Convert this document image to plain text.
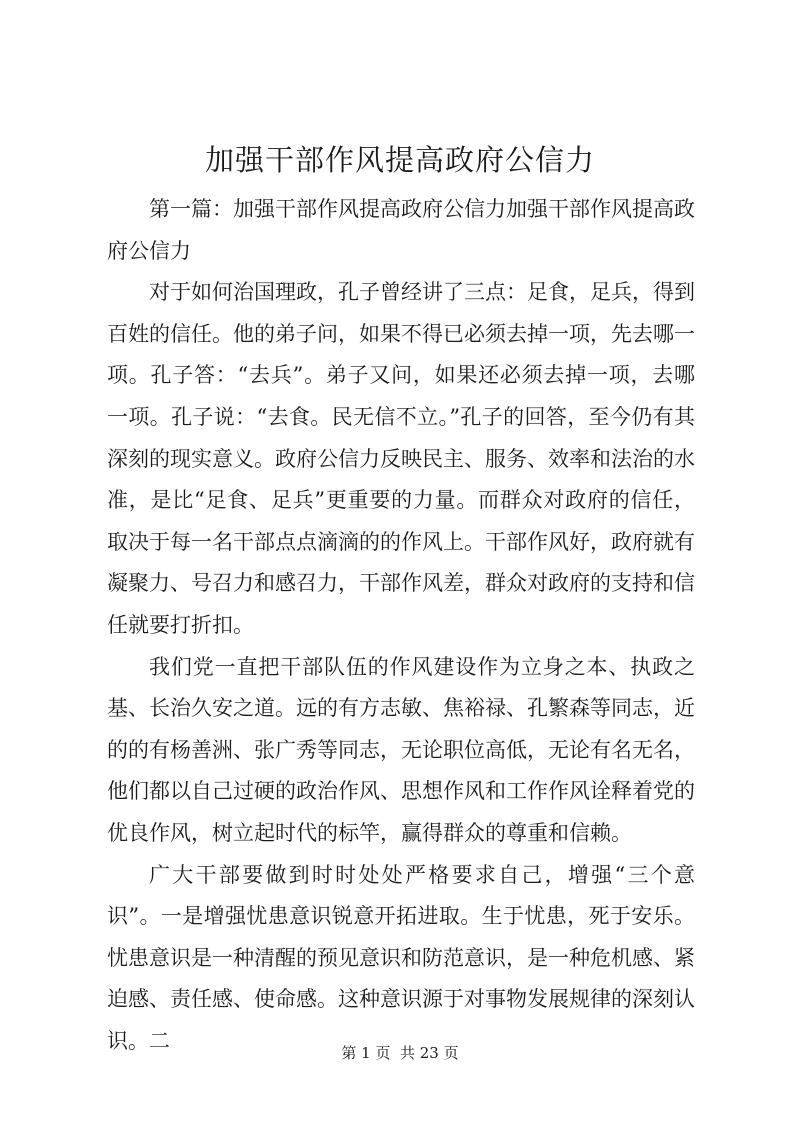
加强干部作风提高政府公信力

第一篇：加强干部作风提高政府公信力加强干部作风提高政府公信力

对于如何治国理政，孔子曾经讲了三点：足食，足兵，得到百姓的信任。他的弟子问，如果不得已必须去掉一项，先去哪一项。孔子答：“去兵”。弟子又问，如果还必须去掉一项，去哪一项。孔子说：“去食。民无信不立。”孔子的回答，至今仍有其深刻的现实意义。政府公信力反映民主、服务、效率和法治的水准，是比“足食、足兵”更重要的力量。而群众对政府的信任，取决于每一名干部点点滴滴的的作风上。干部作风好，政府就有凝聚力、号召力和感召力，干部作风差，群众对政府的支持和信任就要打折扣。

我们党一直把干部队伍的作风建设作为立身之本、执政之基、长治久安之道。远的有方志敏、焦裕禄、孔繁森等同志，近的的有杨善洲、张广秀等同志，无论职位高低，无论有名无名，他们都以自己过硬的政治作风、思想作风和工作作风诠释着党的优良作风，树立起时代的标竿，赢得群众的尊重和信赖。

广大干部要做到时时处处严格要求自己，增强“三个意识”。一是增强忧患意识锐意开拓进取。生于忧患，死于安乐。忧患意识是一种清醒的预见意识和防范意识，是一种危机感、紧迫感、责任感、使命感。这种意识源于对事物发展规律的深刻认识。二

第 1 页  共 23 页
